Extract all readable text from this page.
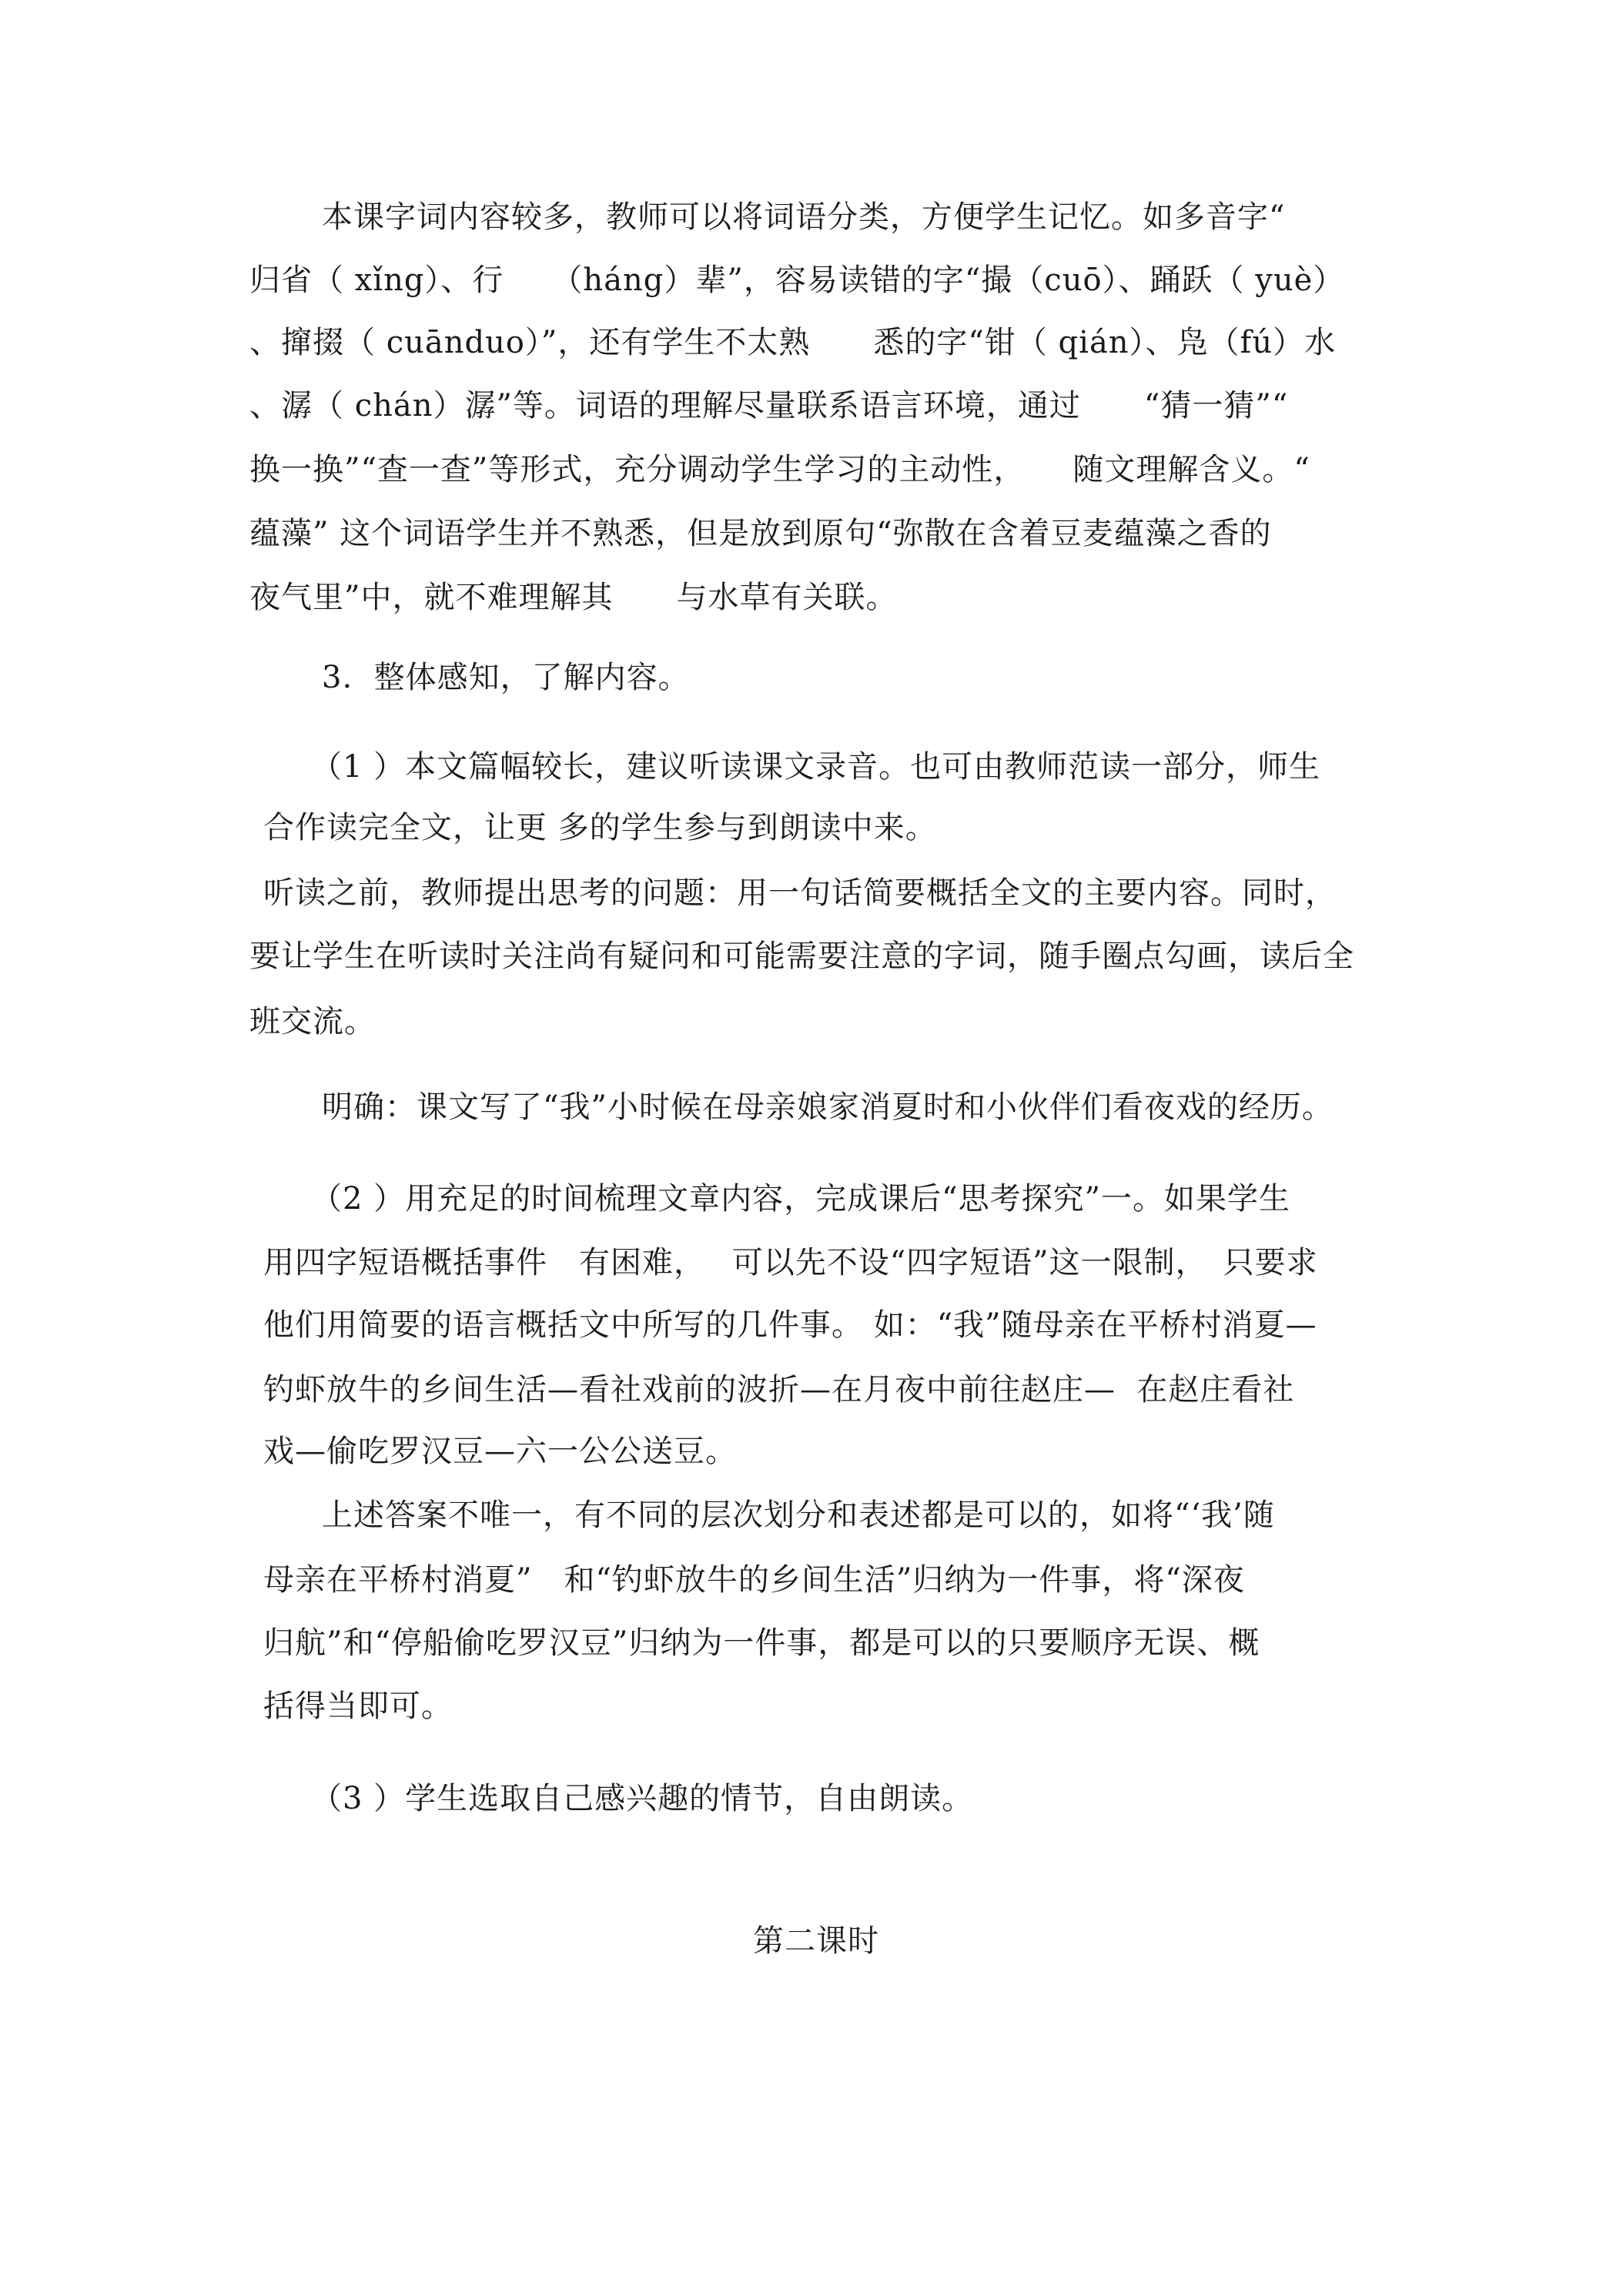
本课字词内容较多，教师可以将词语分类，方便学生记忆。如多音字“
归省（ xǐng）、行　　（háng）辈”，容易读错的字“撮（cuō）、踊跃（ yuè）
、撺掇（ cuānduo）”，还有学生不太熟　　悉的字“钳（ qián）、凫（fú）水
、潺（ chán）潺”等。词语的理解尽量联系语言环境，通过　　“猜一猜”“
换一换”“查一查”等形式，充分调动学生学习的主动性，　　随文理解含义。“
蕴藻” 这个词语学生并不熟悉，但是放到原句“弥散在含着豆麦蕴藻之香的
夜气里”中，就不难理解其　　与水草有关联。
3.  整体感知，了解内容。
（1 ）本文篇幅较长，建议听读课文录音。也可由教师范读一部分，师生
合作读完全文，让更 多的学生参与到朗读中来。
听读之前，教师提出思考的问题：用一句话简要概括全文的主要内容。同时，
要让学生在听读时关注尚有疑问和可能需要注意的字词，随手圈点勾画，读后全
班交流。
明确：课文写了“我”小时候在母亲娘家消夏时和小伙伴们看夜戏的经历。
（2 ）用充足的时间梳理文章内容，完成课后“思考探究”一。如果学生
用四字短语概括事件　有困难，　 可以先不设“四字短语”这一限制，　只要求
他们用简要的语言概括文中所写的几件事。 如：“我”随母亲在平桥村消夏—
钓虾放牛的乡间生活—看社戏前的波折—在月夜中前往赵庄—  在赵庄看社
戏—偷吃罗汉豆—六一公公送豆。
上述答案不唯一，有不同的层次划分和表述都是可以的，如将“‘我’随
母亲在平桥村消夏”　和“钓虾放牛的乡间生活”归纳为一件事，将“深夜
归航”和“停船偷吃罗汉豆”归纳为一件事，都是可以的只要顺序无误、概
括得当即可。
（3 ）学生选取自己感兴趣的情节，自由朗读。
第二课时
